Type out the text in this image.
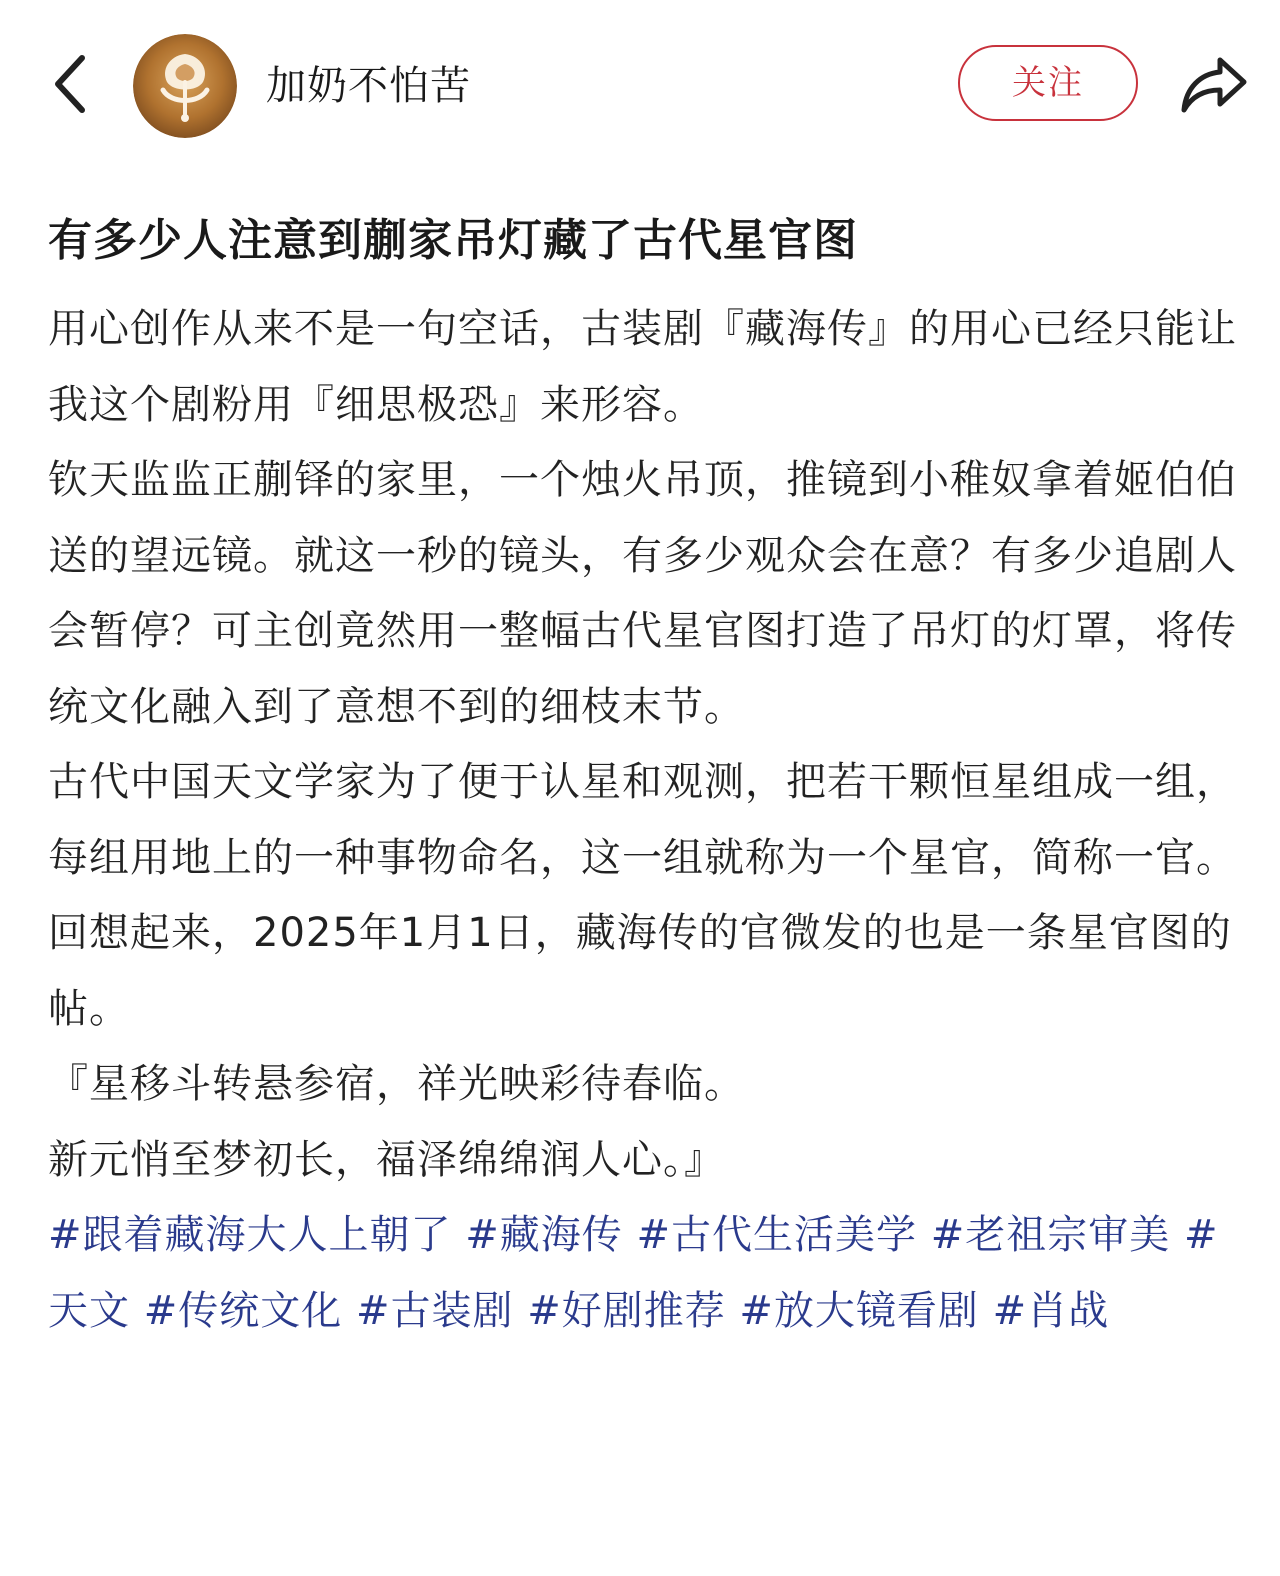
加奶不怕苦	关注
有多少人注意到蒯家吊灯藏了古代星官图

用心创作从来不是一句空话，古装剧『藏海传』的用心已经只能让我这个剧粉用『细思极恐』来形容。

钦天监监正蒯铎的家里，一个烛火吊顶，推镜到小稚奴拿着姬伯伯送的望远镜。就这一秒的镜头，有多少观众会在意？有多少追剧人会暂停？可主创竟然用一整幅古代星官图打造了吊灯的灯罩，将传统文化融入到了意想不到的细枝末节。

古代中国天文学家为了便于认星和观测，把若干颗恒星组成一组，每组用地上的一种事物命名，这一组就称为一个星官，简称一官。

回想起来，2025年1月1日，藏海传的官微发的也是一条星官图的帖。

『星移斗转悬参宿，祥光映彩待春临。

新元悄至梦初长，福泽绵绵润人心。』

#跟着藏海大人上朝了 #藏海传 #古代生活美学 #老祖宗审美 #天文 #传统文化 #古装剧 #好剧推荐 #放大镜看剧 #肖战
